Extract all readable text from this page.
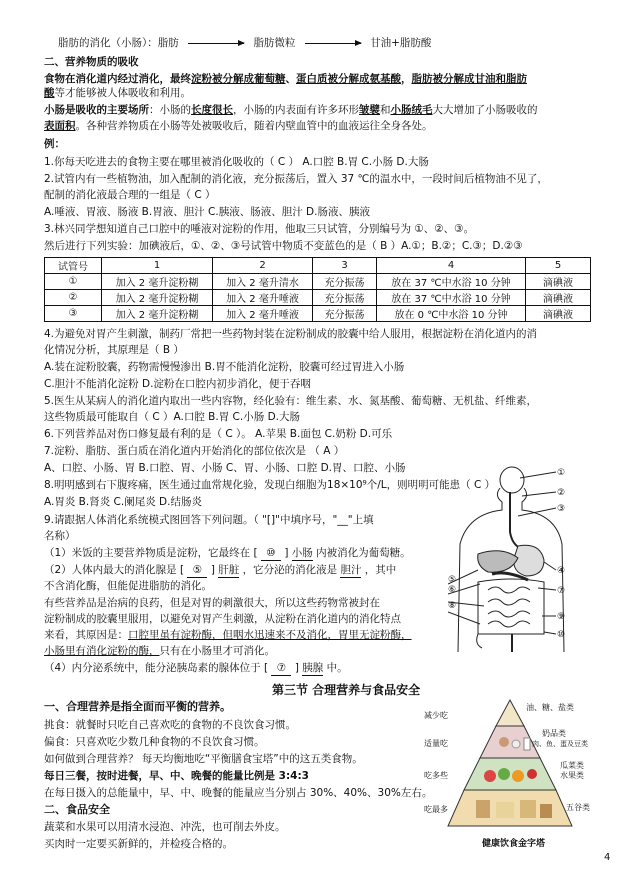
脂肪的消化（小肠）：脂肪	脂肪微粒	甘油+脂肪酸
二、营养物质的吸收
食物在消化道内经过消化，最终淀粉被分解成葡萄糖、蛋白质被分解成氨基酸，脂肪被分解成甘油和脂肪
酸等才能够被人体吸收和利用。
小肠是吸收的主要场所：小肠的长度很长，小肠的内表面有许多环形皱襞和小肠绒毛大大增加了小肠吸收的
表面积。各种营养物质在小肠等处被吸收后，随着内壁血管中的血液运往全身各处。
例：
1.你每天吃进去的食物主要在哪里被消化吸收的（ C ） A.口腔 B.胃 C.小肠 D.大肠
2.试管内有一些植物油，加入配制的消化液，充分振荡后，置入 37 ℃的温水中，一段时间后植物油不见了，
配制的消化液最合理的一组是（ C ）
A.唾液、胃液、肠液 B.胃液、胆汁 C.胰液、肠液、胆汁 D.肠液、胰液
3.林兴同学想知道自己口腔中的唾液对淀粉的作用，他取三只试管，分别编号为 ①、②、③。
然后进行下列实验：加碘液后，①、②、③号试管中物质不变蓝色的是（ B ）A.①；B.②；C.③；D.②③
试管号	1	2	3	4	5
①	加入 2 毫升淀粉糊	加入 2 毫升清水	充分振荡	放在 37 ℃中水浴 10 分钟	滴碘液
②	加入 2 毫升淀粉糊	加入 2 毫升唾液	充分振荡	放在 37 ℃中水浴 10 分钟	滴碘液
③	加入 2 毫升淀粉糊	加入 2 毫升唾液	充分振荡	放在 0 ℃中水浴 10 分钟	滴碘液
4.为避免对胃产生刺激，制药厂常把一些药物封装在淀粉制成的胶囊中给人服用，根据淀粉在消化道内的消
化情况分析，其原理是（ B ）
A.装在淀粉胶囊，药物需慢慢渗出 B.胃不能消化淀粉，胶囊可经过胃进入小肠
C.胆汁不能消化淀粉 D.淀粉在口腔内初步消化，便于吞咽
5.医生从某病人的消化道内取出一些内容物，经化验有：维生素、水、氮基酸、葡萄糖、无机盐、纤维素，
这些物质最可能取自（ C ）A.口腔 B.胃 C.小肠 D.大肠
6.下列营养品对伤口修复最有利的是（ C ）。 A.苹果 B.面包 C.奶粉 D.可乐
7.淀粉、脂肪、蛋白质在消化道内开始消化的部位依次是 （ A ）
A、口腔、小肠、胃 B.口腔、胃、小肠 C、胃、小肠、口腔 D.胃、口腔、小肠
8.明明感到右下腹疼痛，医生通过血常规化验，发现白细胞为18×10⁹个/L，则明明可能患（ C ）
A.胃炎 B.肾炎 C.阑尾炎 D.结肠炎
9.请跟据人体消化系统模式图回答下列问题。（ "[]"中填序号，"__"上填
名称）
（1）米饭的主要营养物质是淀粉，它最终在 [ ⑩ ] 小肠 内被消化为葡萄糖。
（2）人体内最大的消化腺是 [ ⑤ ] 肝脏 ，它分泌的消化液是 胆汁 ，其中
不含消化酶，但能促进脂肪的消化。
有些营养品是治病的良药，但是对胃的刺激很大，所以这些药物常被封在
淀粉制成的胶囊里服用，以避免对胃产生刺激，从淀粉在消化道内的消化特点
来看，其原因是：口腔里虽有淀粉酶，但咽水迅速来不及消化，胃里无淀粉酶，
小肠里有消化淀粉的酶，只有在小肠里才可消化。
（4）内分泌系统中，能分泌胰岛素的腺体位于 [ ⑦ ] 胰腺 中。
①
②
③
④
⑤
⑥	⑦
⑧
⑨
⑩
第三节 合理营养与食品安全
一、合理营养是指全面而平衡的营养。
挑食：就餐时只吃自己喜欢吃的食物的不良饮食习惯。
偏食：只喜欢吃少数几种食物的不良饮食习惯。
如何做到合理营养？ 每天均衡地吃“平衡膳食宝塔”中的这五类食物。
每日三餐，按时进餐，早、中、晚餐的能量比例是 3:4:3
在每日摄入的总能量中，早、中、晚餐的能量应当分别占 30%、40%、30%左右。
二、食品安全
蔬菜和水果可以用清水浸泡、冲洗，也可削去外皮。
买肉时一定要买新鲜的，并检疫合格的。
减少吃
适量吃
吃多些
吃最多
油、糖、盐类
奶品类
肉、鱼、蛋及豆类
瓜菜类
水果类
五谷类
健康饮食金字塔
4
